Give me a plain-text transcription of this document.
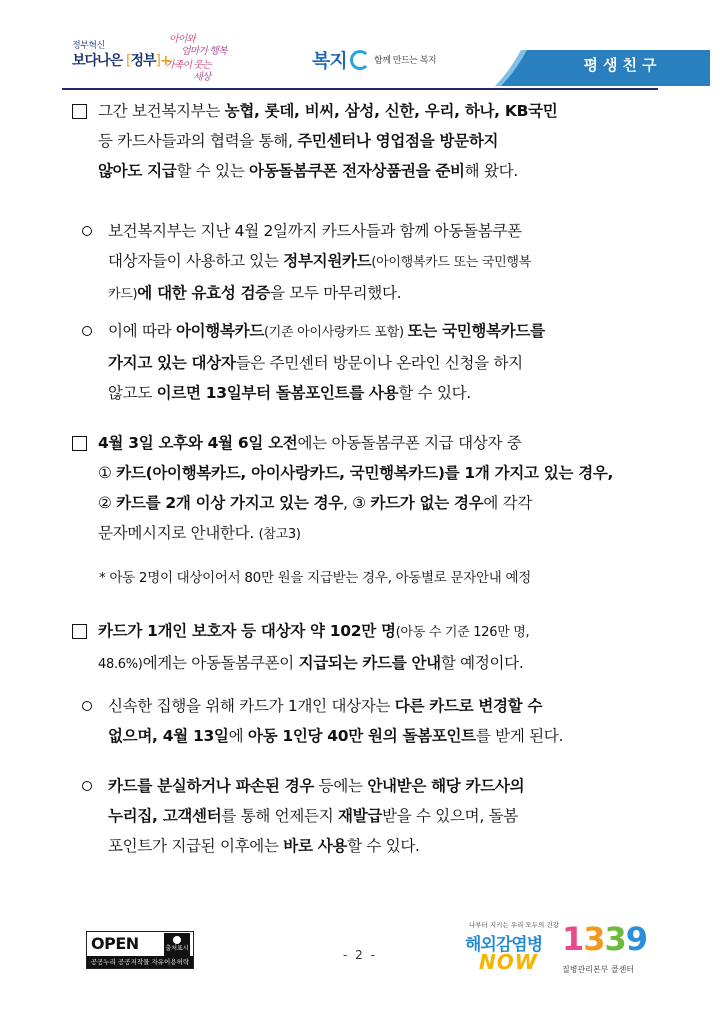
정부혁신
보다나은 [정부]+
아이와
엄마가 행복
가족이 웃는
세상
복지	함께 만드는 복지	평생친구
그간 보건복지부는 농협, 롯데, 비씨, 삼성, 신한, 우리, 하나, KB국민
등 카드사들과의 협력을 통해, 주민센터나 영업점을 방문하지
않아도 지급할 수 있는 아동돌봄쿠폰 전자상품권을 준비해 왔다.
보건복지부는 지난 4월 2일까지 카드사들과 함께 아동돌봄쿠폰
대상자들이 사용하고 있는 정부지원카드(아이행복카드 또는 국민행복
카드)에 대한 유효성 검증을 모두 마무리했다.
이에 따라 아이행복카드(기존 아이사랑카드 포함) 또는 국민행복카드를
가지고 있는 대상자들은 주민센터 방문이나 온라인 신청을 하지
않고도 이르면 13일부터 돌봄포인트를 사용할 수 있다.
4월 3일 오후와 4월 6일 오전에는 아동돌봄쿠폰 지급 대상자 중
① 카드(아이행복카드, 아이사랑카드, 국민행복카드)를 1개 가지고 있는 경우,
② 카드를 2개 이상 가지고 있는 경우, ③ 카드가 없는 경우에 각각
문자메시지로 안내한다. (참고3)
카드가 1개인 보호자 등 대상자 약 102만 명(아동 수 기준 126만 명,
48.6%)에게는 아동돌봄쿠폰이 지급되는 카드를 안내할 예정이다.
신속한 집행을 위해 카드가 1개인 대상자는 다른 카드로 변경할 수
없으며, 4월 13일에 아동 1인당 40만 원의 돌봄포인트를 받게 된다.
카드를 분실하거나 파손된 경우 등에는 안내받은 해당 카드사의
누리집, 고객센터를 통해 언제든지 재발급받을 수 있으며, 돌봄
포인트가 지급된 이후에는 바로 사용할 수 있다.
* 아동 2명이 대상이어서 80만 원을 지급받는 경우, 아동별로 문자안내 예정
OPEN	출처표시
공공누리 공공저작물 자유이용허락	- 2 -
나부터 지키는 우리 모두의 건강
해외감염병
NOW
1339
질병관리본부 콜센터
